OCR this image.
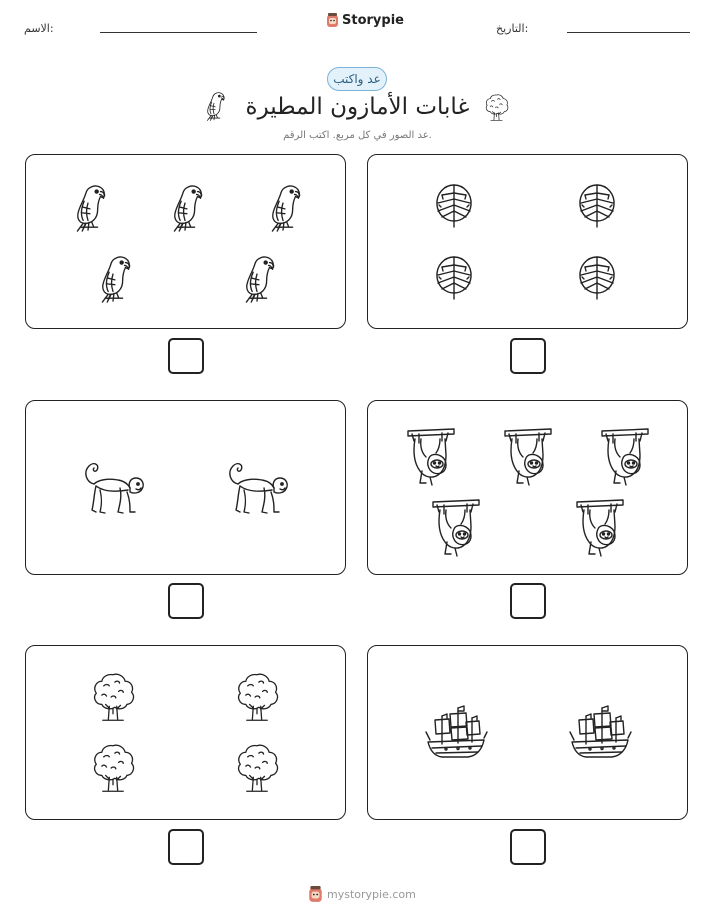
الاسم:
Storypie
التاريخ:
عد واكتب
غابات الأمازون المطيرة
عد الصور في كل مربع. اكتب الرقم.
mystorypie.com
